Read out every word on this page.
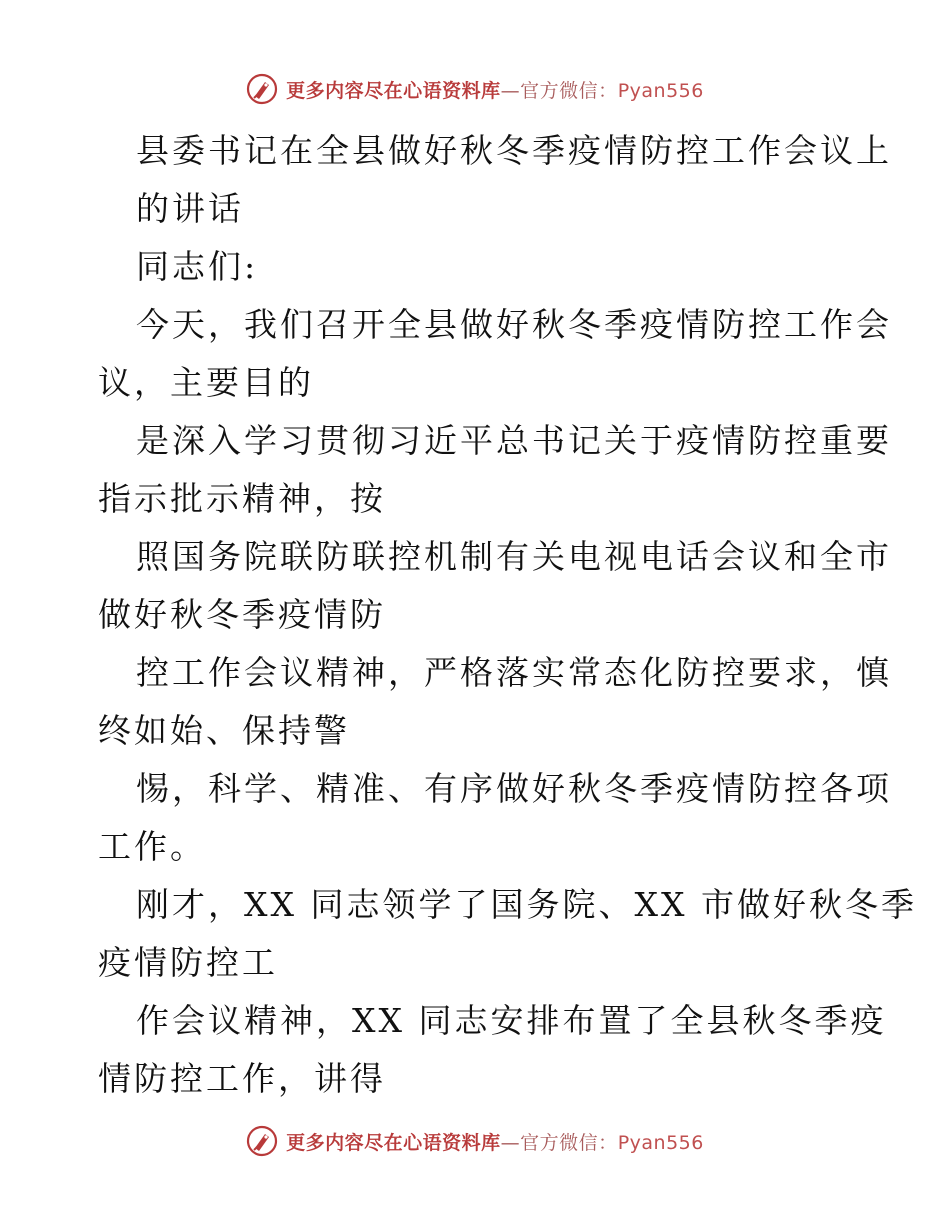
更多内容尽在心语资料库—官方微信：Pyan556
县委书记在全县做好秋冬季疫情防控工作会议上
的讲话
同志们:
今天，我们召开全县做好秋冬季疫情防控工作会
议，主要目的
是深入学习贯彻习近平总书记关于疫情防控重要
指示批示精神，按
照国务院联防联控机制有关电视电话会议和全市
做好秋冬季疫情防
控工作会议精神，严格落实常态化防控要求，慎
终如始、保持警
惕，科学、精准、有序做好秋冬季疫情防控各项
工作。
刚才，XX 同志领学了国务院、XX 市做好秋冬季
疫情防控工
作会议精神，XX 同志安排布置了全县秋冬季疫
情防控工作，讲得
更多内容尽在心语资料库—官方微信：Pyan556
